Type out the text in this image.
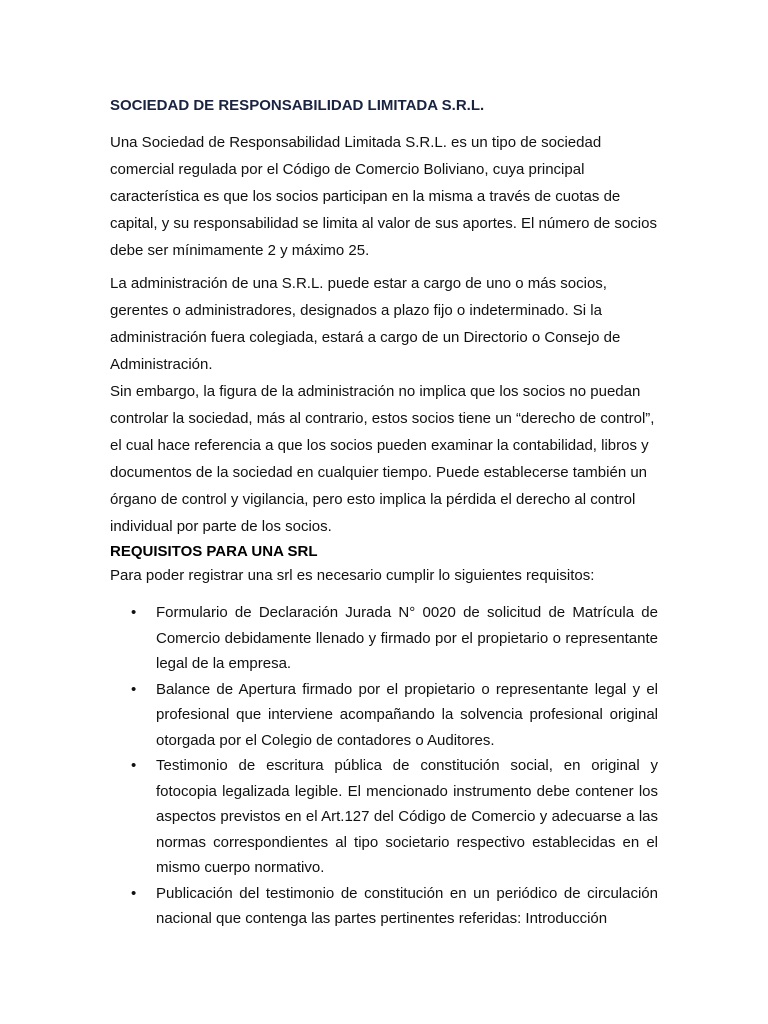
SOCIEDAD DE RESPONSABILIDAD LIMITADA S.R.L.

Una Sociedad de Responsabilidad Limitada S.R.L. es un tipo de sociedad comercial regulada por el Código de Comercio Boliviano, cuya principal característica es que los socios participan en la misma a través de cuotas de capital, y su responsabilidad se limita al valor de sus aportes. El número de socios debe ser mínimamente 2 y máximo 25.

La administración de una S.R.L. puede estar a cargo de uno o más socios, gerentes o administradores, designados a plazo fijo o indeterminado. Si la administración fuera colegiada, estará a cargo de un Directorio o Consejo de Administración.

Sin embargo, la figura de la administración no implica que los socios no puedan controlar la sociedad, más al contrario, estos socios tiene un “derecho de control”, el cual hace referencia a que los socios pueden examinar la contabilidad, libros y documentos de la sociedad en cualquier tiempo. Puede establecerse también un órgano de control y vigilancia, pero esto implica la pérdida el derecho al control individual por parte de los socios.

REQUISITOS PARA UNA SRL

Para poder registrar una srl es necesario cumplir lo siguientes requisitos:

• Formulario de Declaración Jurada N° 0020 de solicitud de Matrícula de Comercio debidamente llenado y firmado por el propietario o representante legal de la empresa.
• Balance de Apertura firmado por el propietario o representante legal y el profesional que interviene acompañando la solvencia profesional original otorgada por el Colegio de contadores o Auditores.
• Testimonio de escritura pública de constitución social, en original y fotocopia legalizada legible. El mencionado instrumento debe contener los aspectos previstos en el Art.127 del Código de Comercio y adecuarse a las normas correspondientes al tipo societario respectivo establecidas en el mismo cuerpo normativo.
• Publicación del testimonio de constitución en un periódico de circulación nacional que contenga las partes pertinentes referidas: Introducción
